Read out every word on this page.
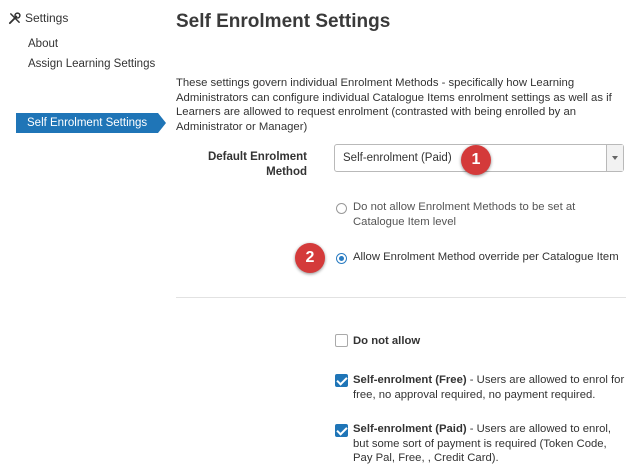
Settings
About
Assign Learning Settings
Self Enrolment Settings
Self Enrolment Settings
These settings govern individual Enrolment Methods - specifically how Learning Administrators can configure individual Catalogue Items enrolment settings as well as if Learners are allowed to request enrolment (contrasted with being enrolled by an Administrator or Manager)
Default Enrolment Method
Self-enrolment (Paid)	1
Do not allow Enrolment Methods to be set at Catalogue Item level
2	Allow Enrolment Method override per Catalogue Item
Do not allow
Self-enrolment (Free) - Users are allowed to enrol for free, no approval required, no payment required.
Self-enrolment (Paid) - Users are allowed to enrol, but some sort of payment is required (Token Code, Pay Pal, Free, , Credit Card).
